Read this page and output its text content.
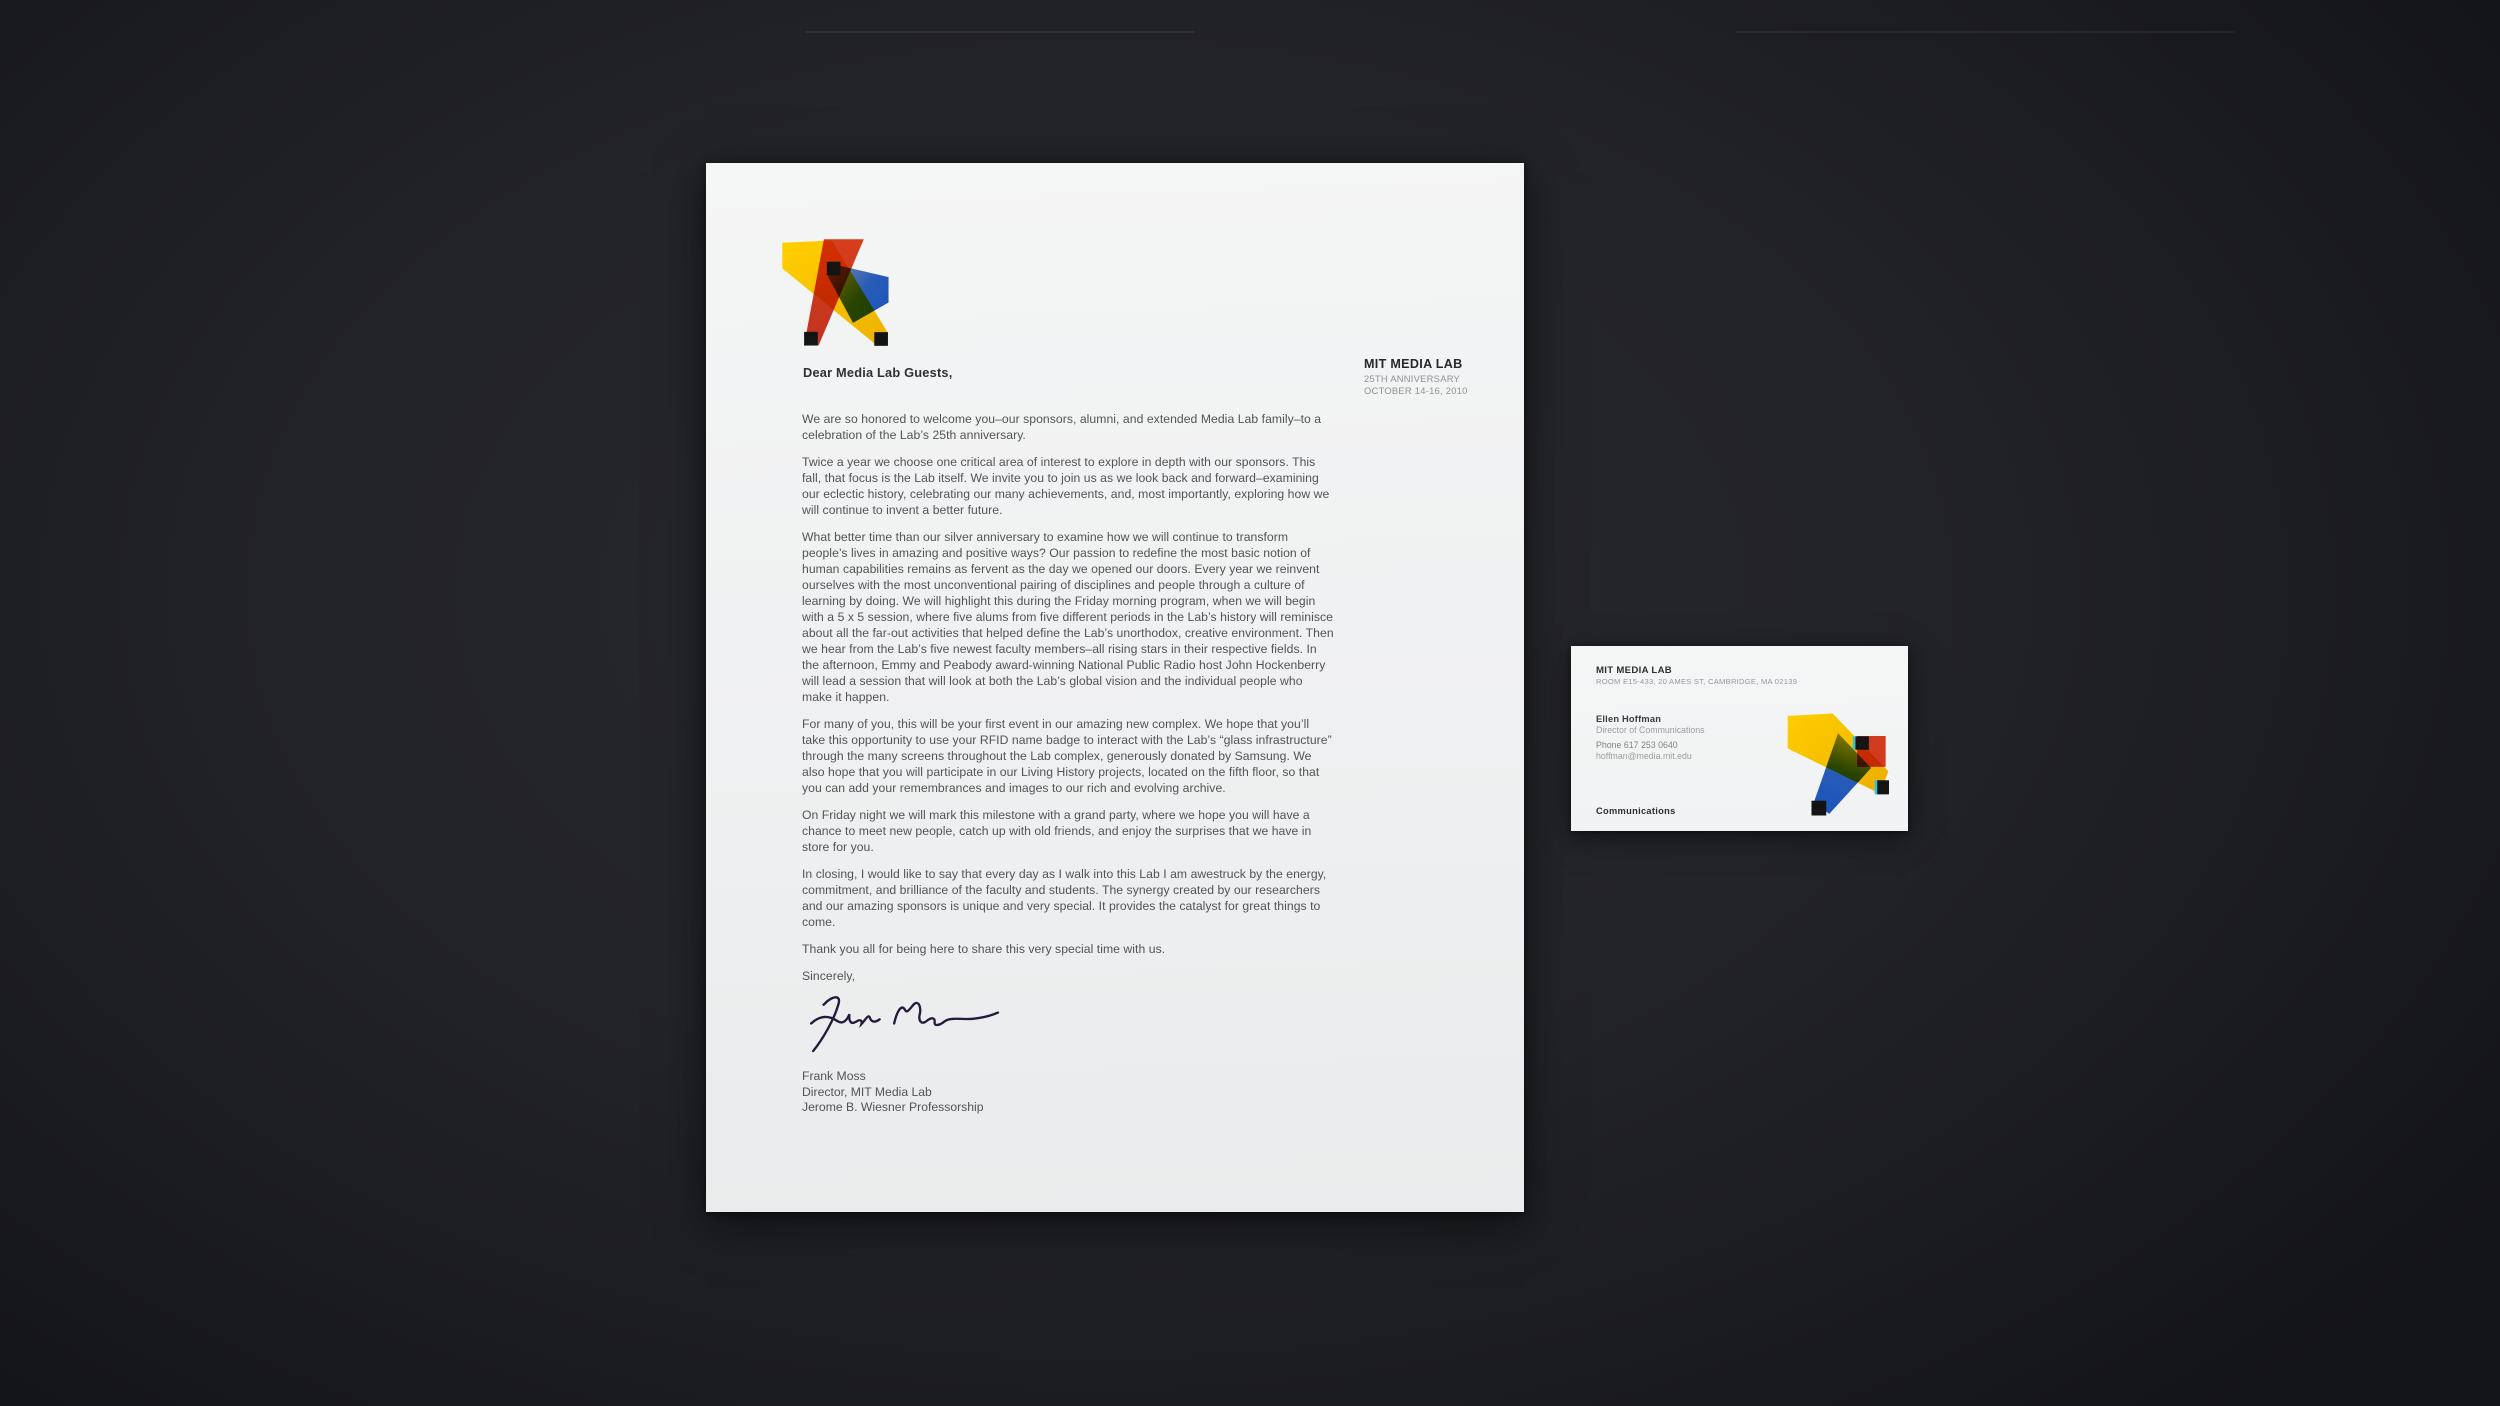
Dear Media Lab Guests,
MIT MEDIA LAB
25TH ANNIVERSARY
OCTOBER 14-16, 2010

We are so honored to welcome you–our sponsors, alumni, and extended Media Lab family–to a celebration of the Lab’s 25th anniversary.

Twice a year we choose one critical area of interest to explore in depth with our sponsors. This fall, that focus is the Lab itself. We invite you to join us as we look back and forward–examining our eclectic history, celebrating our many achievements, and, most importantly, exploring how we will continue to invent a better future.

What better time than our silver anniversary to examine how we will continue to transform people’s lives in amazing and positive ways? Our passion to redefine the most basic notion of human capabilities remains as fervent as the day we opened our doors. Every year we reinvent ourselves with the most unconventional pairing of disciplines and people through a culture of learning by doing. We will highlight this during the Friday morning program, when we will begin with a 5 x 5 session, where five alums from five different periods in the Lab’s history will reminisce about all the far-out activities that helped define the Lab’s unorthodox, creative environment. Then we hear from the Lab’s five newest faculty members–all rising stars in their respective fields. In the afternoon, Emmy and Peabody award-winning National Public Radio host John Hockenberry will lead a session that will look at both the Lab’s global vision and the individual people who make it happen.

For many of you, this will be your first event in our amazing new complex. We hope that you’ll take this opportunity to use your RFID name badge to interact with the Lab’s “glass infrastructure” through the many screens throughout the Lab complex, generously donated by Samsung. We also hope that you will participate in our Living History projects, located on the fifth floor, so that you can add your remembrances and images to our rich and evolving archive.

On Friday night we will mark this milestone with a grand party, where we hope you will have a chance to meet new people, catch up with old friends, and enjoy the surprises that we have in store for you.

In closing, I would like to say that every day as I walk into this Lab I am awestruck by the energy, commitment, and brilliance of the faculty and students. The synergy created by our researchers and our amazing sponsors is unique and very special. It provides the catalyst for great things to come.

Thank you all for being here to share this very special time with us.

Sincerely,

Frank Moss
Director, MIT Media Lab
Jerome B. Wiesner Professorship
MIT MEDIA LAB
ROOM E15-433, 20 AMES ST, CAMBRIDGE, MA 02139
Ellen Hoffman
Director of Communications
Phone 617 253 0640
hoffman@media.mit.edu
Communications
